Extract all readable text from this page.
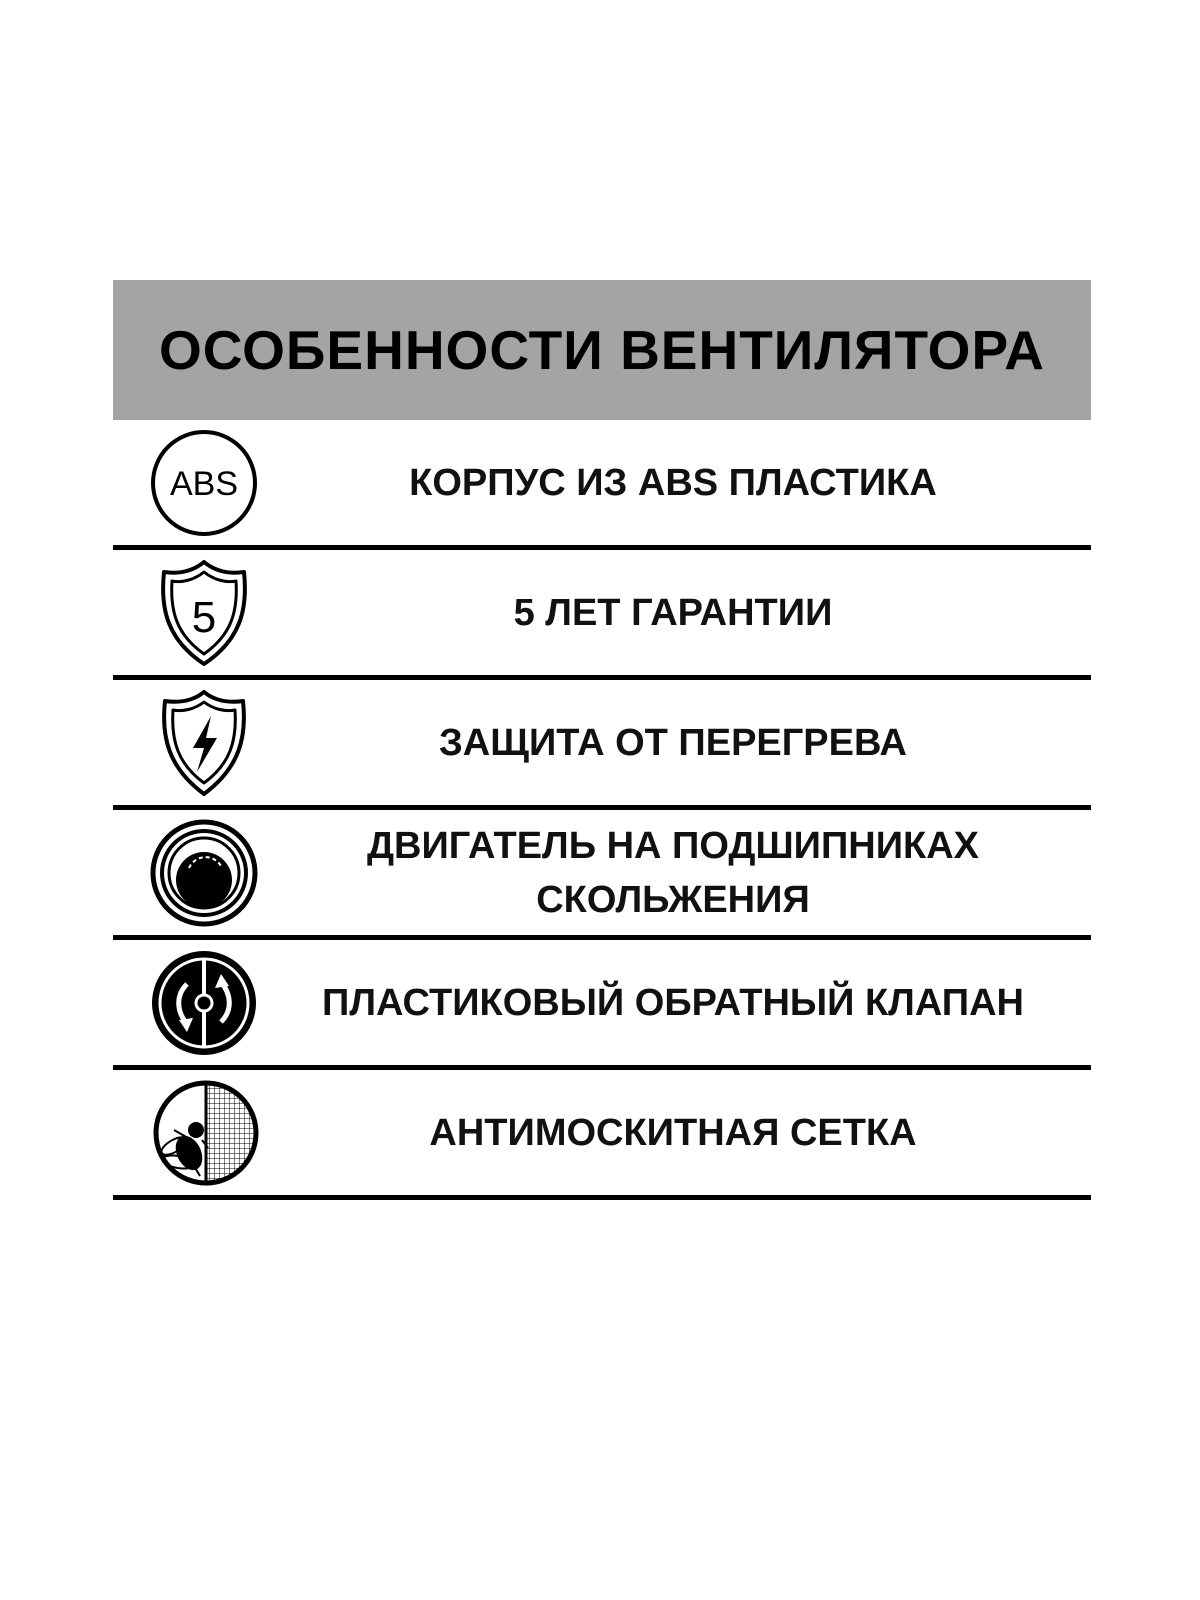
ОСОБЕННОСТИ ВЕНТИЛЯТОРА
ABS	КОРПУС ИЗ ABS ПЛАСТИКА
5	5 ЛЕТ ГАРАНТИИ
ЗАЩИТА ОТ ПЕРЕГРЕВА
ДВИГАТЕЛЬ НА ПОДШИПНИКАХ
СКОЛЬЖЕНИЯ
ПЛАСТИКОВЫЙ ОБРАТНЫЙ КЛАПАН
АНТИМОСКИТНАЯ СЕТКА
